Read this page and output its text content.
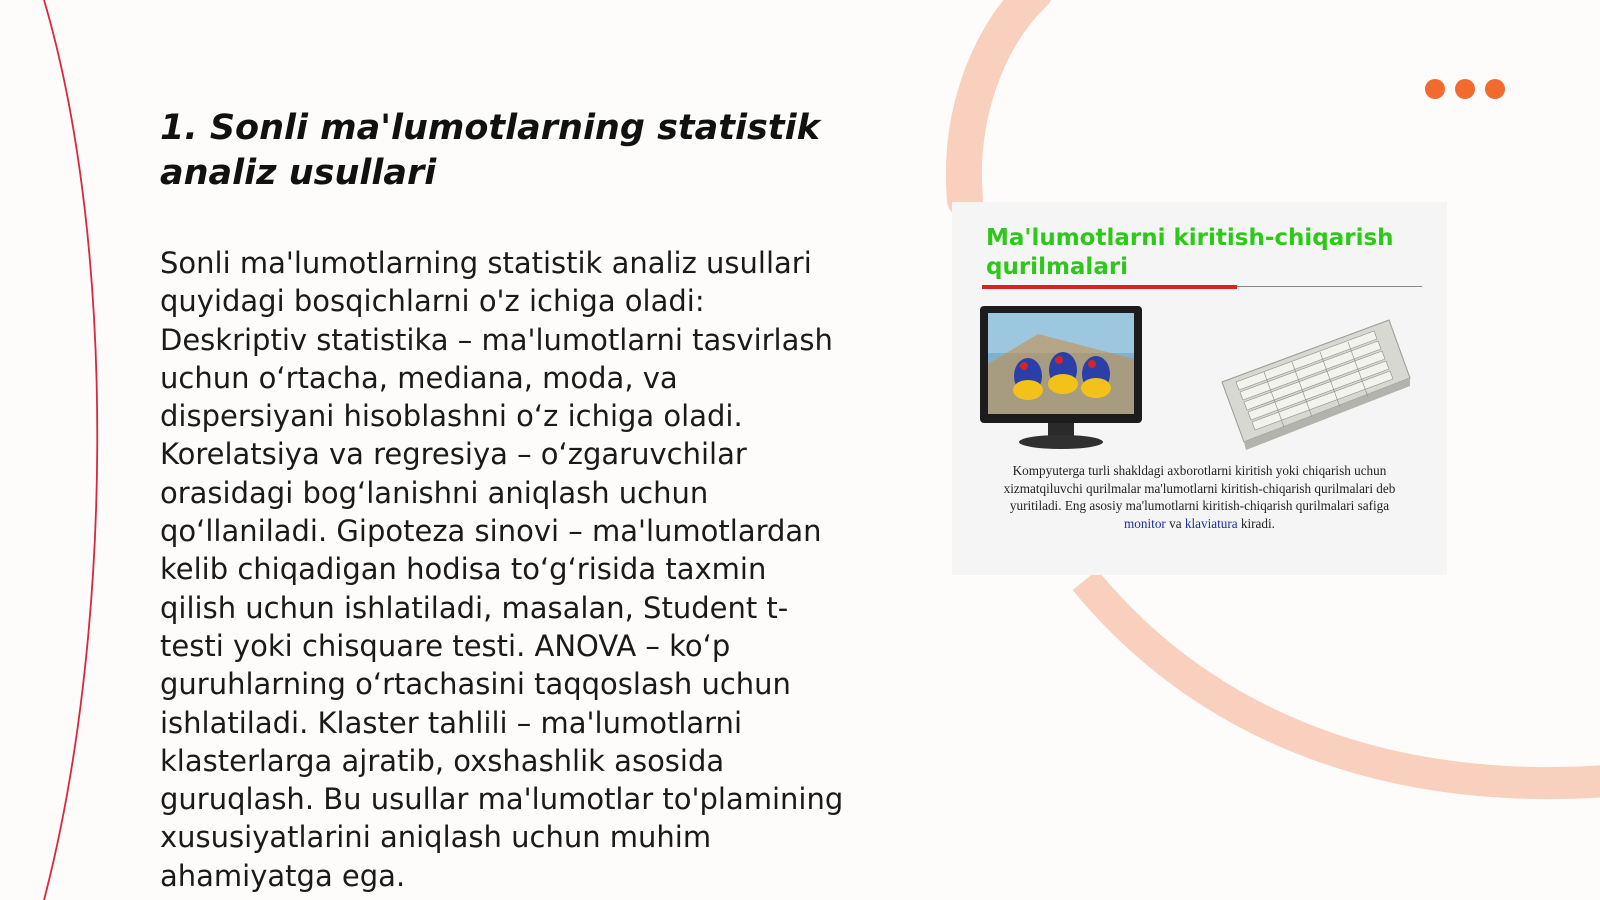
1. Sonli ma'lumotlarning statistik analiz usullari

Sonli ma'lumotlarning statistik analiz usullari quyidagi bosqichlarni o'z ichiga oladi: Deskriptiv statistika – ma'lumotlarni tasvirlash uchun o‘rtacha, mediana, moda, va dispersiyani hisoblashni o‘z ichiga oladi. Korelatsiya va regresiya – o‘zgaruvchilar orasidagi bog‘lanishni aniqlash uchun qo‘llaniladi. Gipoteza sinovi – ma'lumotlardan kelib chiqadigan hodisa to‘g‘risida taxmin qilish uchun ishlatiladi, masalan, Student t-testi yoki chisquare testi. ANOVA – ko‘p guruhlarning o‘rtachasini taqqoslash uchun ishlatiladi. Klaster tahlili – ma'lumotlarni klasterlarga ajratib, oxshashlik asosida guruqlash. Bu usullar ma'lumotlar to'plamining xususiyatlarini aniqlash uchun muhim ahamiyatga ega.

Ma'lumotlarni kiritish-chiqarish qurilmalari
Kompyuterga turli shakldagi axborotlarni kiritish yoki chiqarish uchun xizmatqiluvchi qurilmalar ma'lumotlarni kiritish-chiqarish qurilmalari deb yuritiladi. Eng asosiy ma'lumotlarni kiritish-chiqarish qurilmalari safiga monitor va klaviatura kiradi.
